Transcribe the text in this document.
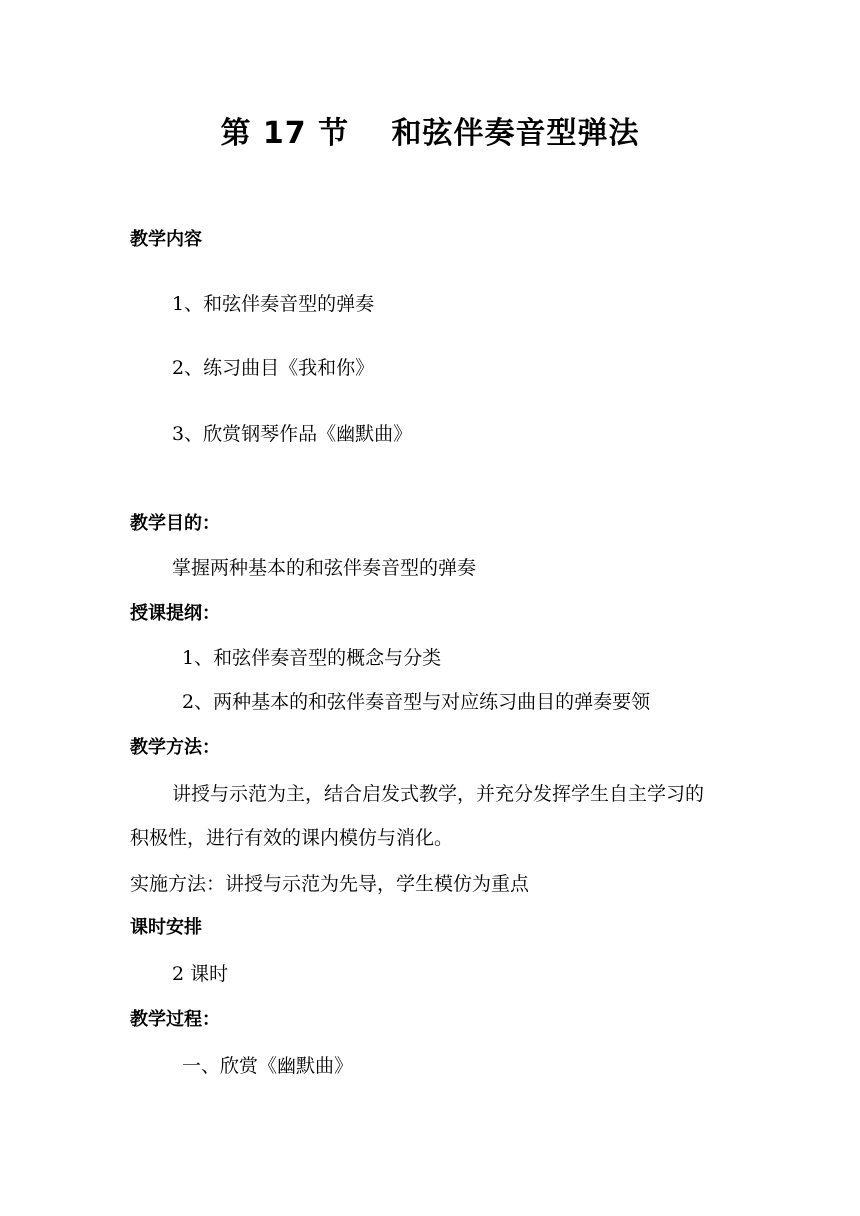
第 17 节　 和弦伴奏音型弹法
教学内容
1、和弦伴奏音型的弹奏
2、练习曲目《我和你》
3、欣赏钢琴作品《幽默曲》
教学目的：
掌握两种基本的和弦伴奏音型的弹奏
授课提纲：
1、和弦伴奏音型的概念与分类
2、两种基本的和弦伴奏音型与对应练习曲目的弹奏要领
教学方法：
讲授与示范为主，结合启发式教学，并充分发挥学生自主学习的
积极性，进行有效的课内模仿与消化。
实施方法：讲授与示范为先导，学生模仿为重点
课时安排
2 课时
教学过程：
一、欣赏《幽默曲》
